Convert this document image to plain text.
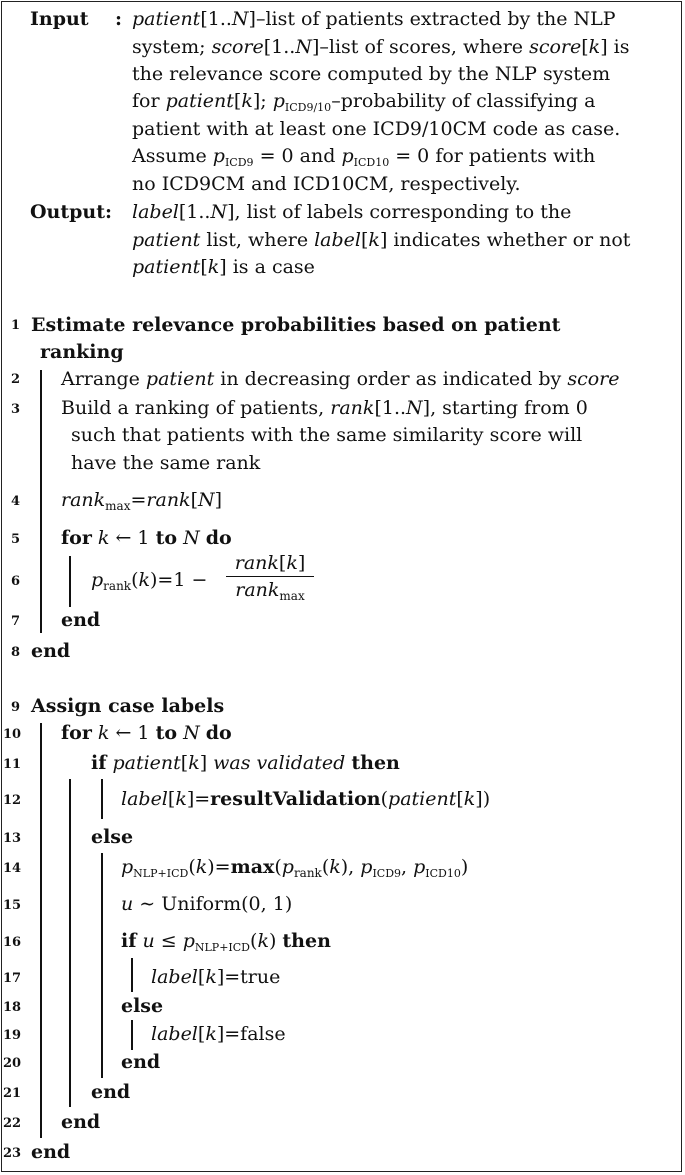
Input : patient[1..N]–list of patients extracted by the NLP
system; score[1..N]–list of scores, where score[k] is
the relevance score computed by the NLP system
for patient[k]; $p_{ICD9/10}$–probability of classifying a
patient with at least one ICD9/10CM code as case.
Assume $p_{ICD9} = 0$ and $p_{ICD10} = 0$ for patients with
no ICD9CM and ICD10CM, respectively.
Output: label[1..N], list of labels corresponding to the
patient list, where label[k] indicates whether or not
patient[k] is a case
1
2
3
4
5
6
7
8
9
10
11
12
13
14
15
16
17
18
19
20
21
22
23
Estimate relevance probabilities based on patient
ranking
Arrange patient in decreasing order as indicated by score
Build a ranking of patients, rank[1..N], starting from 0
such that patients with the same similarity score will
have the same rank
rank$_{max}$=rank[N]
for k ← 1 to N do
$p_{rank}(k)=1$ −
rank[k]
rank$_{max}$
end
end
Assign case labels
for k ← 1 to N do
if patient[k] was validated then
label[k]=resultValidation(patient[k])
else
$p_{NLP+ICD}(k)=\max(p_{rank}(k)$, $p_{ICD9}$, $p_{ICD10}$)
u ∼ Uniform(0, 1)
if $u \le p_{NLP+ICD}(k)$ then
label[k]=true
else
label[k]=false
end
end
end
end
